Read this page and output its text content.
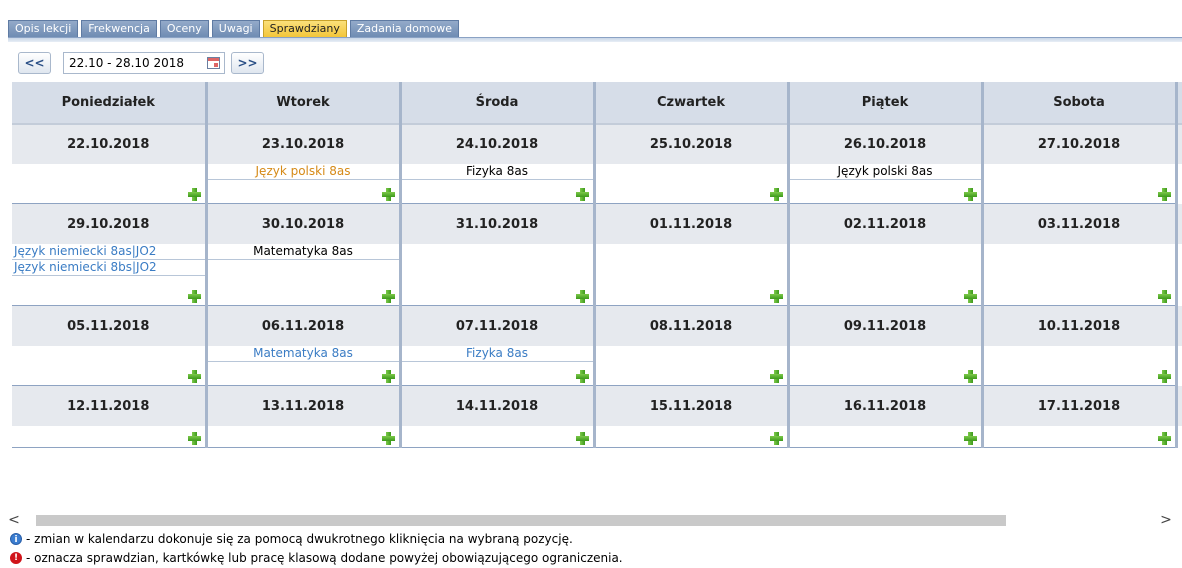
Opis lekcji	Frekwencja	Oceny	Uwagi	Sprawdziany	Zadania domowe
<<	22.10 - 28.10 2018	>>
Poniedziałek	Wtorek	Środa	Czwartek	Piątek	Sobota	
22.10.2018	23.10.2018	24.10.2018	25.10.2018	26.10.2018	27.10.2018	

	Język polski 8as	Fizyka 8as		Język polski 8as		

29.10.2018	30.10.2018	31.10.2018	01.11.2018	02.11.2018	03.11.2018	

Język niemiecki 8as|JO2
Język niemiecki 8bs|JO2	Matematyka 8as					

05.11.2018	06.11.2018	07.11.2018	08.11.2018	09.11.2018	10.11.2018	

	Matematyka 8as	Fizyka 8as				

12.11.2018	13.11.2018	14.11.2018	15.11.2018	16.11.2018	17.11.2018	

<	>
i - zmian w kalendarzu dokonuje się za pomocą dwukrotnego kliknięcia na wybraną pozycję.
! - oznacza sprawdzian, kartkówkę lub pracę klasową dodane powyżej obowiązującego ograniczenia.
